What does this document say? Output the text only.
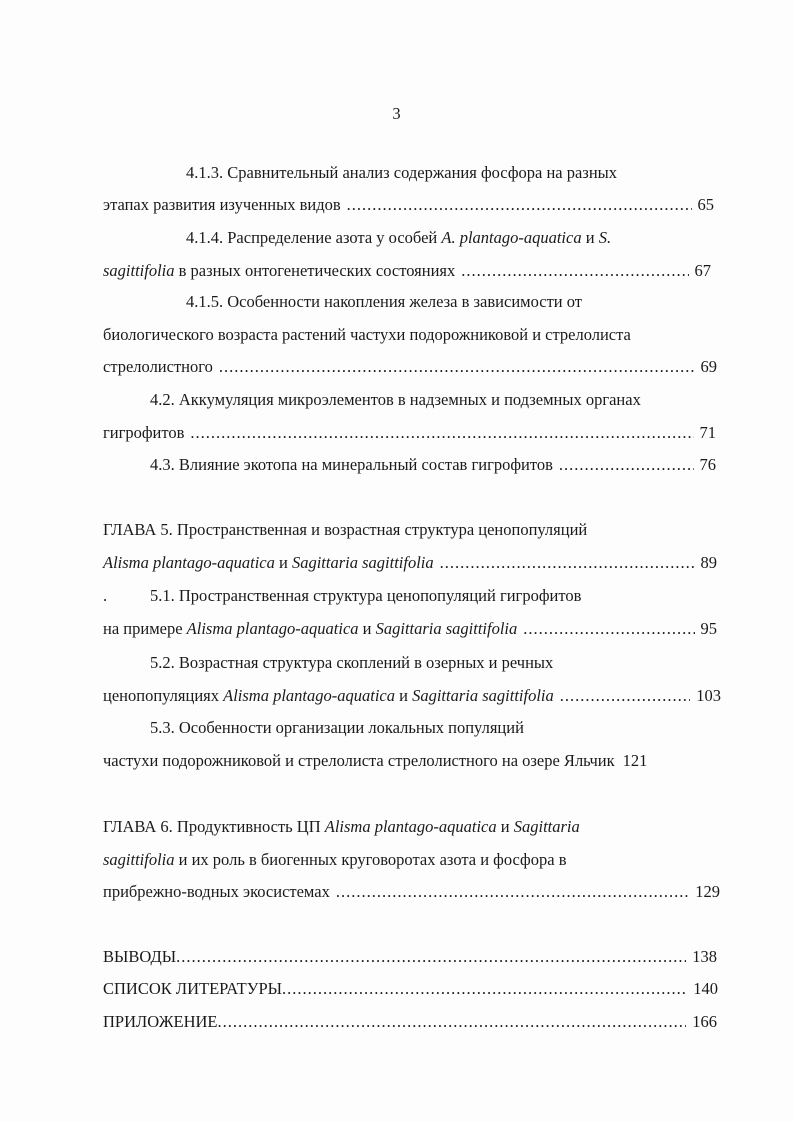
3
4.1.3. Сравнительный анализ содержания фосфора на разных
этапах развития изученных видов .....	65
4.1.4. Распределение азота у особей A. plantago-aquatica и S.
sagittifolia в разных онтогенетических состояниях .....	67
4.1.5. Особенности накопления железа в зависимости от
биологического возраста растений частухи подорожниковой и стрелолиста
стрелолистного .....	69
4.2. Аккумуляция микроэлементов в надземных и подземных органах
гигрофитов .....	71
4.3. Влияние экотопа на минеральный состав гигрофитов .....	76
ГЛАВА 5. Пространственная и возрастная структура ценопопуляций
Alisma plantago-aquatica и Sagittaria sagittifolia .....	89
.	5.1. Пространственная структура ценопопуляций гигрофитов
на примере Alisma plantago-aquatica и Sagittaria sagittifolia .....	95
5.2. Возрастная структура скоплений в озерных и речных
ценопопуляциях Alisma plantago-aquatica и Sagittaria sagittifolia .....	103
5.3. Особенности организации локальных популяций
частухи подорожниковой и стрелолиста стрелолистного на озере Яльчик 121
ГЛАВА 6. Продуктивность ЦП Alisma plantago-aquatica и Sagittaria
sagittifolia и их роль в биогенных круговоротах азота и фосфора в
прибрежно-водных экосистемах .....	129
ВЫВОДЫ .....	138
СПИСОК ЛИТЕРАТУРЫ .....	140
ПРИЛОЖЕНИЕ .....	166
